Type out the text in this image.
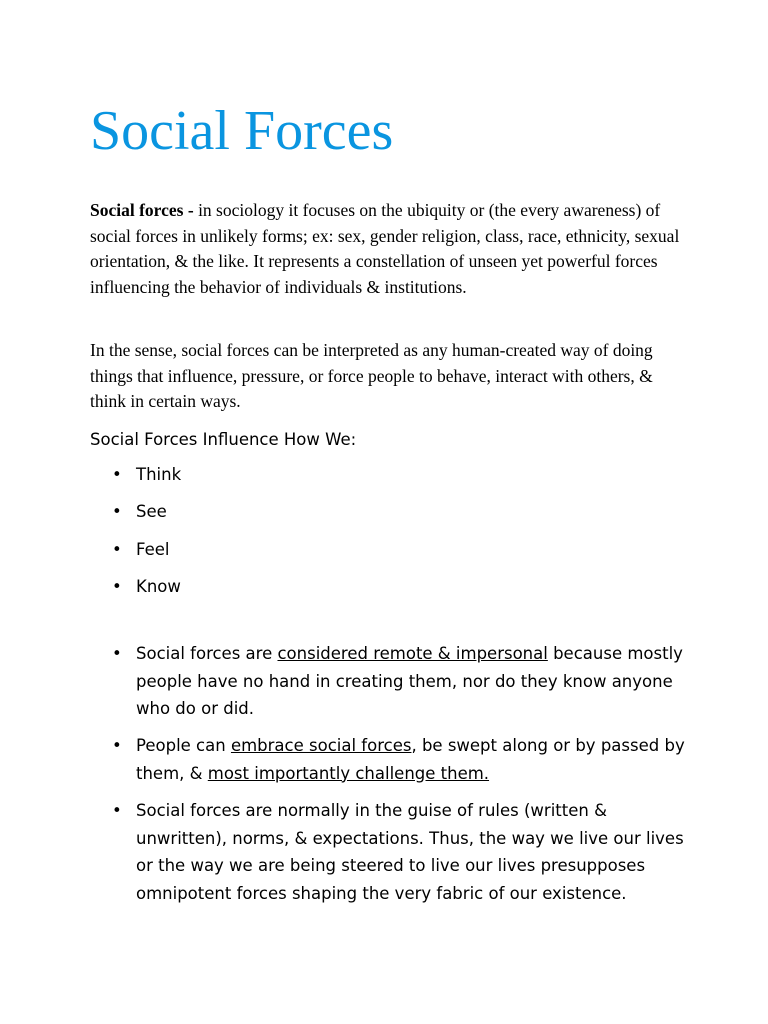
Social Forces

Social forces - in sociology it focuses on the ubiquity or (the every awareness) of social forces in unlikely forms; ex: sex, gender religion, class, race, ethnicity, sexual orientation, & the like. It represents a constellation of unseen yet powerful forces influencing the behavior of individuals & institutions.

In the sense, social forces can be interpreted as any human-created way of doing things that influence, pressure, or force people to behave, interact with others, & think in certain ways.

Social Forces Influence How We:

• Think
• See
• Feel
• Know
• Social forces are considered remote & impersonal because mostly people have no hand in creating them, nor do they know anyone who do or did.
• People can embrace social forces, be swept along or by passed by them, & most importantly challenge them.
• Social forces are normally in the guise of rules (written & unwritten), norms, & expectations. Thus, the way we live our lives or the way we are being steered to live our lives presupposes omnipotent forces shaping the very fabric of our existence.
